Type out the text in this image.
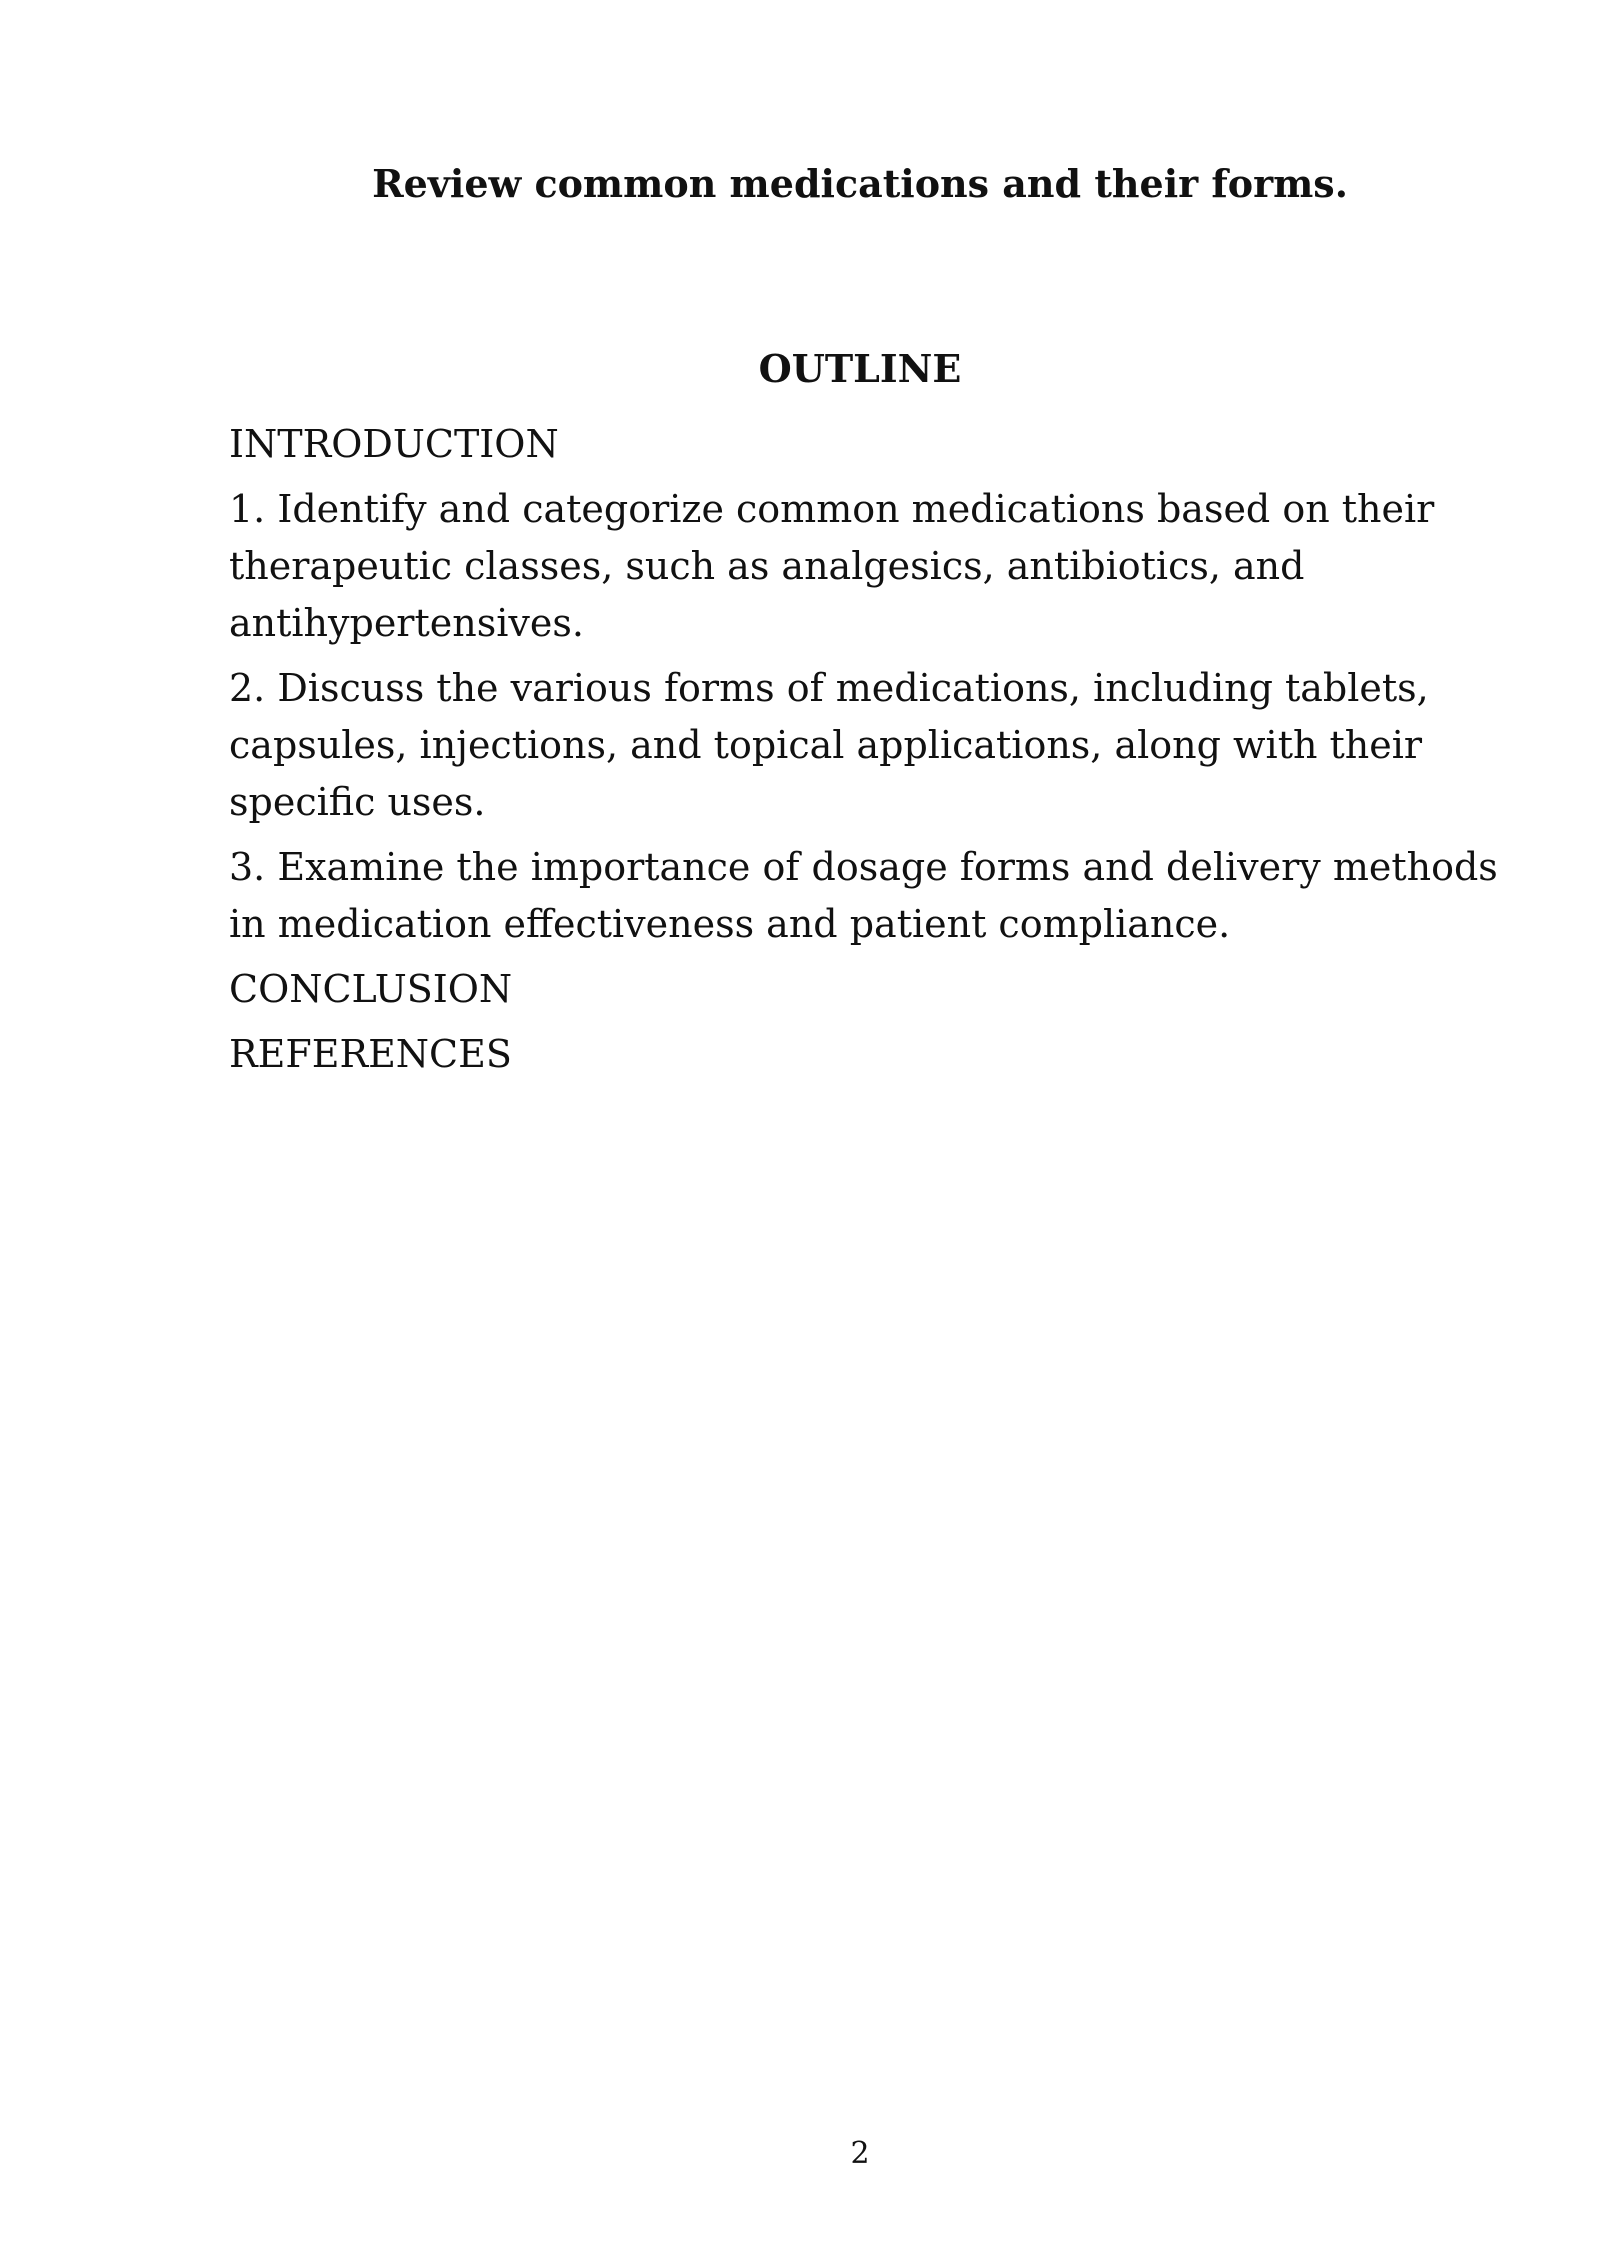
Review common medications and their forms.
OUTLINE
INTRODUCTION
1. Identify and categorize common medications based on their therapeutic classes, such as analgesics, antibiotics, and antihypertensives.
2. Discuss the various forms of medications, including tablets, capsules, injections, and topical applications, along with their specific uses.
3. Examine the importance of dosage forms and delivery methods in medication effectiveness and patient compliance.
CONCLUSION
REFERENCES
2
